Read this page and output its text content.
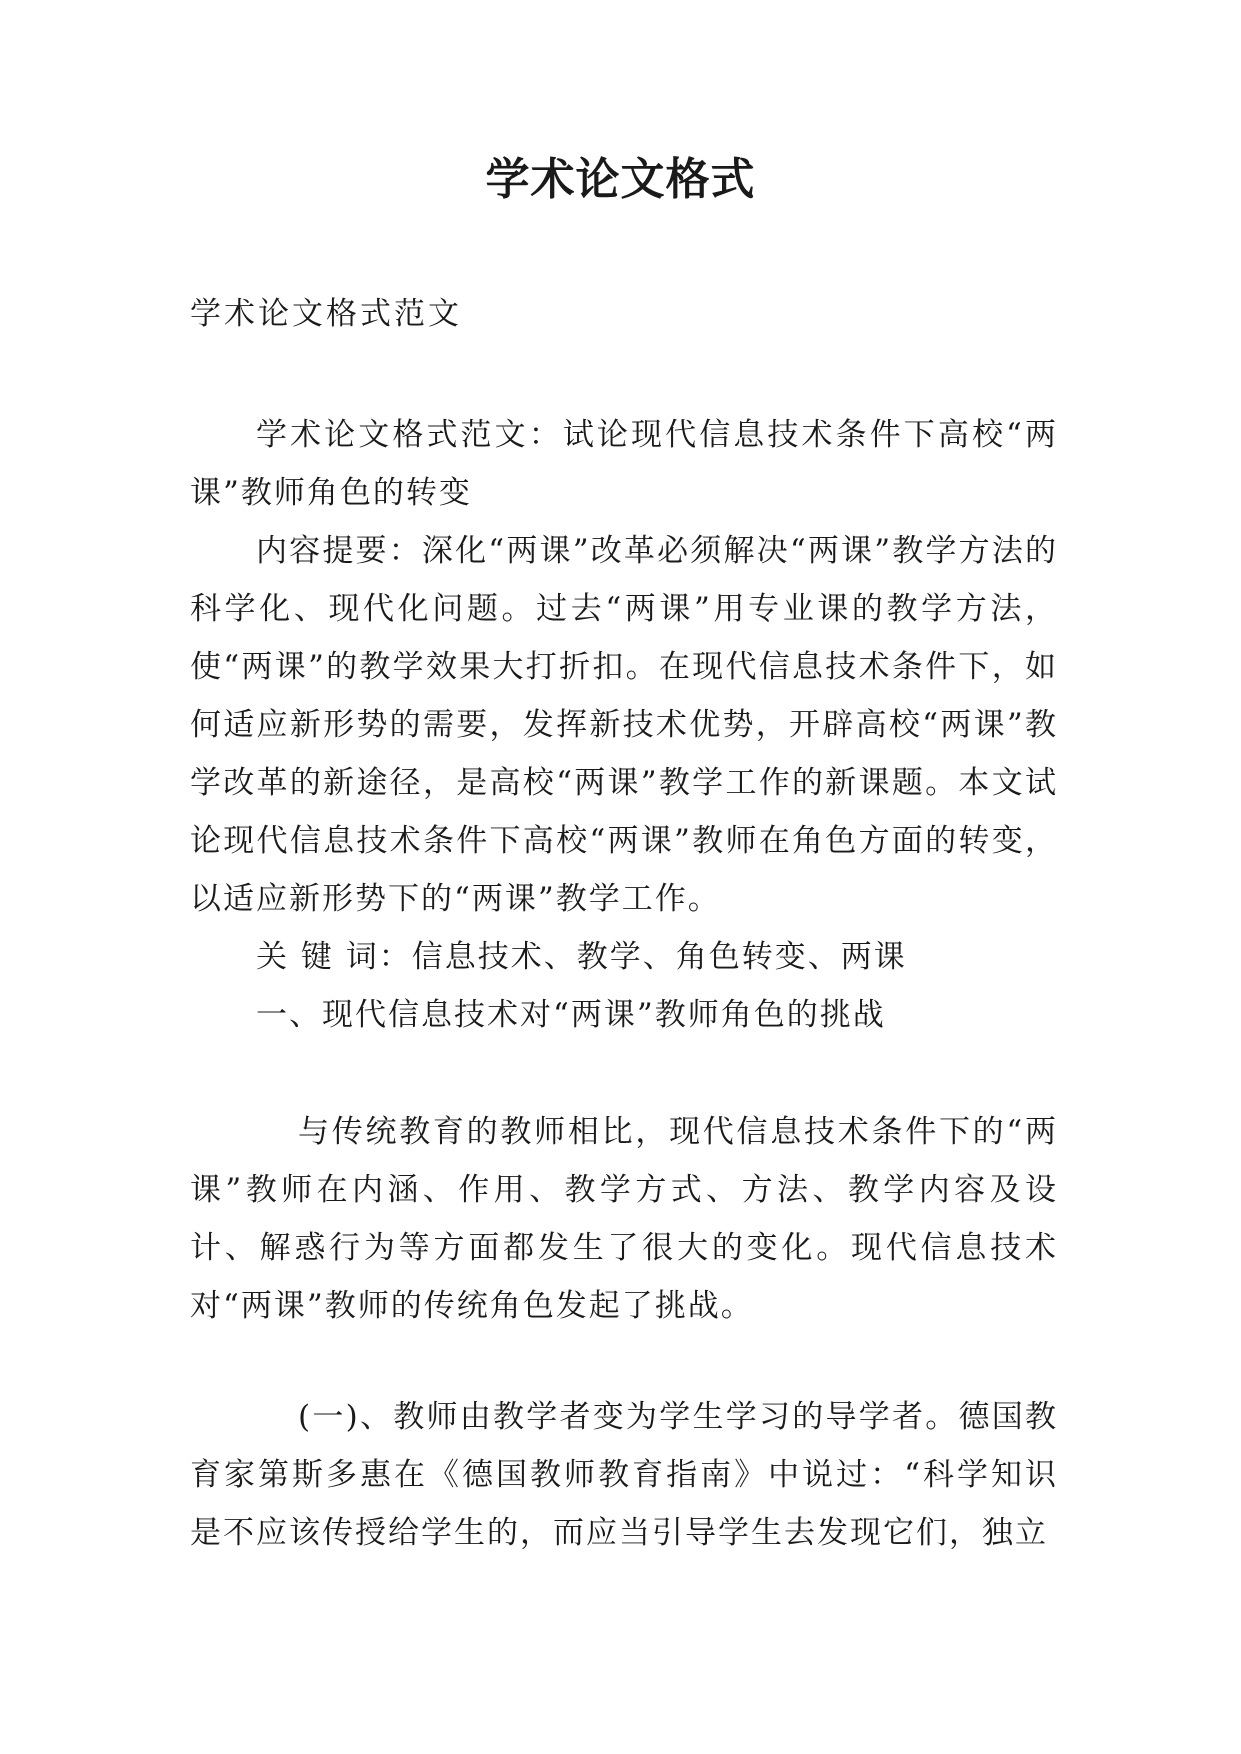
学术论文格式

学术论文格式范文

学术论文格式范文：试论现代信息技术条件下高校“两课”教师角色的转变

内容提要：深化“两课”改革必须解决“两课”教学方法的科学化、现代化问题。过去“两课”用专业课的教学方法，使“两课”的教学效果大打折扣。在现代信息技术条件下，如何适应新形势的需要，发挥新技术优势，开辟高校“两课”教学改革的新途径，是高校“两课”教学工作的新课题。本文试论现代信息技术条件下高校“两课”教师在角色方面的转变，以适应新形势下的“两课”教学工作。

关 键 词：信息技术、教学、角色转变、两课

一、现代信息技术对“两课”教师角色的挑战

与传统教育的教师相比，现代信息技术条件下的“两课”教师在内涵、作用、教学方式、方法、教学内容及设计、解惑行为等方面都发生了很大的变化。现代信息技术对“两课”教师的传统角色发起了挑战。

(一)、教师由教学者变为学生学习的导学者。德国教育家第斯多惠在《德国教师教育指南》中说过：“科学知识是不应该传授给学生的，而应当引导学生去发现它们，独立
